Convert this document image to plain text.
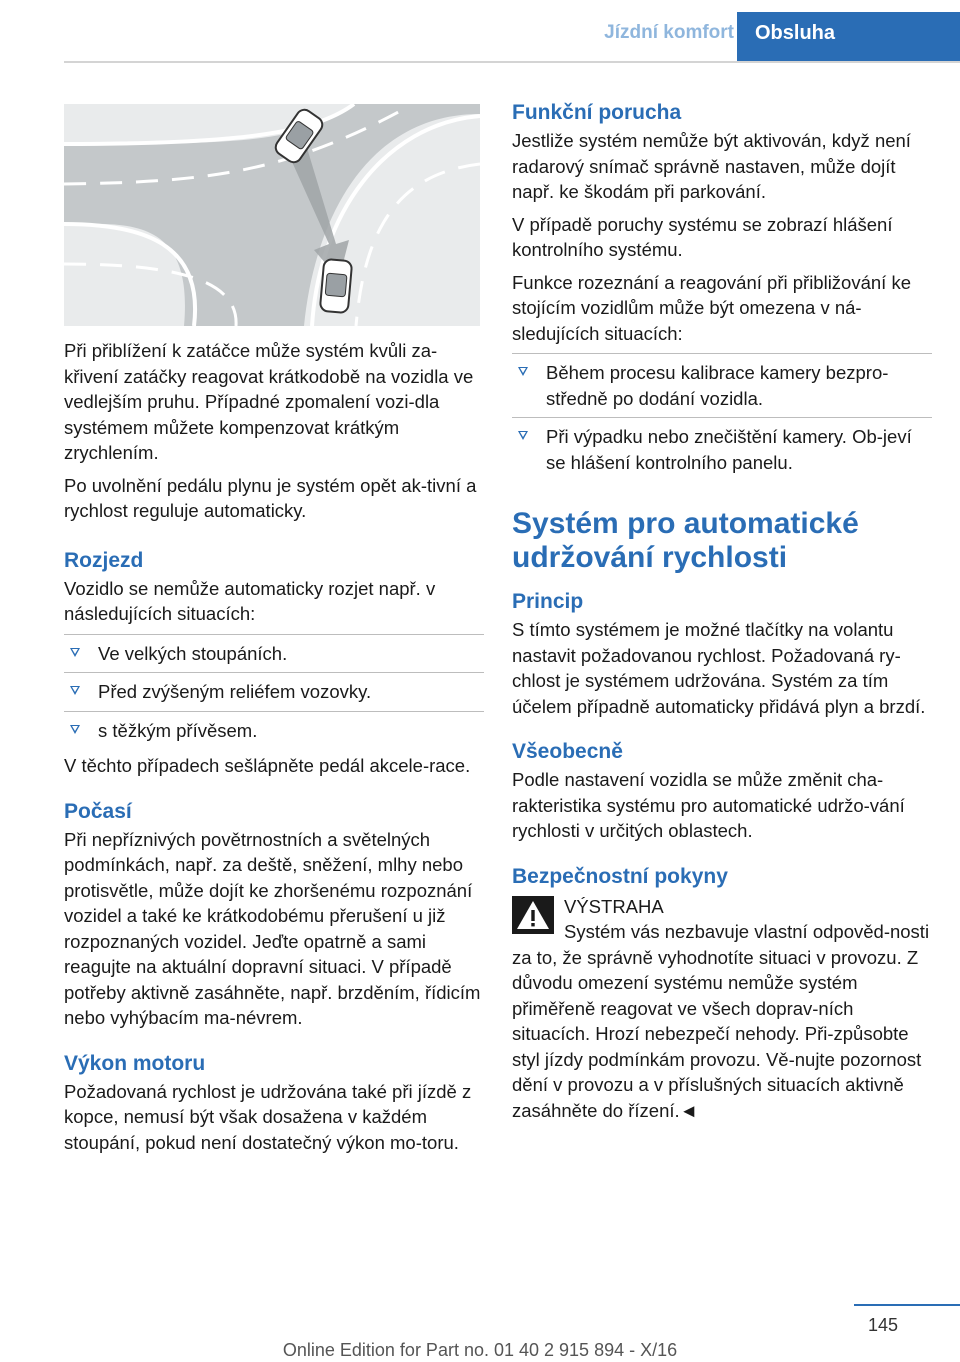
Jízdní komfort	Obsluha

Při přiblížení k zatáčce může systém kvůli za‐křivení zatáčky reagovat krátkodobě na vozidla ve vedlejším pruhu. Případné zpomalení vozi‐dla systémem můžete kompenzovat krátkým zrychlením.

Po uvolnění pedálu plynu je systém opět ak‐tivní a rychlost reguluje automaticky.

Rozjezd

Vozidlo se nemůže automaticky rozjet např. v následujících situacích:

Ve velkých stoupáních.
Před zvýšeným reliéfem vozovky.
s těžkým přívěsem.

V těchto případech sešlápněte pedál akcele‐race.

Počasí

Při nepříznivých povětrnostních a světelných podmínkách, např. za deště, sněžení, mlhy nebo protisvětle, může dojít ke zhoršenému rozpoznání vozidel a také ke krátkodobému přerušení u již rozpoznaných vozidel. Jeďte opatrně a sami reagujte na aktuální dopravní situaci. V případě potřeby aktivně zasáhněte, např. brzděním, řídicím nebo vyhýbacím ma‐névrem.

Výkon motoru

Požadovaná rychlost je udržována také při jízdě z kopce, nemusí být však dosažena v každém stoupání, pokud není dostatečný výkon mo‐toru.

Funkční porucha

Jestliže systém nemůže být aktivován, když není radarový snímač správně nastaven, může dojít např. ke škodám při parkování.

V případě poruchy systému se zobrazí hlášení kontrolního systému.

Funkce rozeznání a reagování při přibližování ke stojícím vozidlům může být omezena v ná‐sledujících situacích:

Během procesu kalibrace kamery bezpro‐středně po dodání vozidla.
Při výpadku nebo znečištění kamery. Ob‐jeví se hlášení kontrolního panelu.
Systém pro automatické udržování rychlosti
Princip

S tímto systémem je možné tlačítky na volantu nastavit požadovanou rychlost. Požadovaná ry‐chlost je systémem udržována. Systém za tím účelem případně automaticky přidává plyn a brzdí.

Všeobecně

Podle nastavení vozidla se může změnit cha‐rakteristika systému pro automatické udržo‐vání rychlosti v určitých oblastech.

Bezpečnostní pokyny

VÝSTRAHA

Systém vás nezbavuje vlastní odpověd‐nosti za to, že správně vyhodnotíte situaci v provozu. Z důvodu omezení systému nemůže systém přiměřeně reagovat ve všech doprav‐ních situacích. Hrozí nebezpečí nehody. Při‐způsobte styl jízdy podmínkám provozu. Vě‐nujte pozornost dění v provozu a v příslušných situacích aktivně zasáhněte do řízení.◄

145
Online Edition for Part no. 01 40 2 915 894 - X/16
